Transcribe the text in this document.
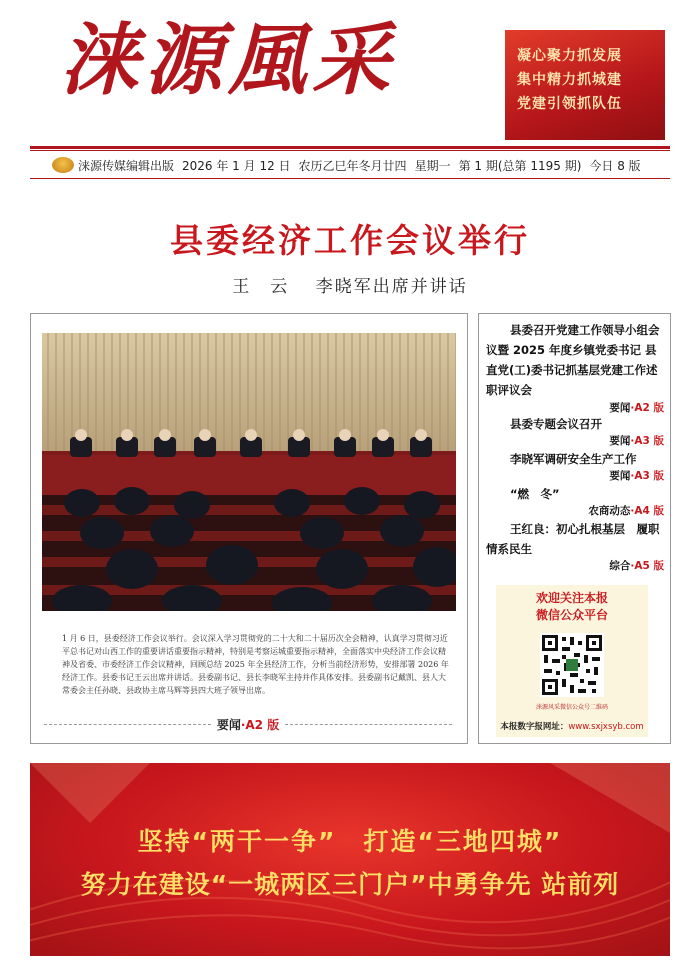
涞源風采	凝心聚力抓发展
集中精力抓城建
党建引领抓队伍
涞源传媒编辑出版 2026 年 1 月 12 日 农历乙巳年冬月廿四 星期一 第 1 期(总第 1195 期) 今日 8 版
县委经济工作会议举行
王　云　 李晓军出席并讲话
1 月 6 日，县委经济工作会议举行。会议深入学习贯彻党的二十大和二十届历次全会精神，认真学习贯彻习近平总书记对山西工作的重要讲话重要指示精神，特别是考察运城重要指示精神，全面落实中央经济工作会议精神及省委、市委经济工作会议精神，回顾总结 2025 年全县经济工作，分析当前经济形势，安排部署 2026 年经济工作。县委书记王云出席并讲话。县委副书记、县长李晓军主持并作具体安排。县委副书记戴凯、县人大常委会主任孙晓、县政协主席马辉等县四大班子领导出席。
要闻 ·A2 版
县委召开党建工作领导小组会议暨 2025 年度乡镇党委书记 县直党(工)委书记抓基层党建工作述职评议会
要闻·A2 版
县委专题会议召开
要闻·A3 版
李晓军调研安全生产工作
要闻·A3 版
“燃　冬”
农商动态·A4 版
王红良：初心扎根基层　履职情系民生
综合·A5 版
欢迎关注本报
微信公众平台
涞源风采微信公众号二维码
本报数字报网址：www.sxjxsyb.com
坚持“两干一争”　打造“三地四城”
努力在建设“一城两区三门户”中勇争先 站前列
